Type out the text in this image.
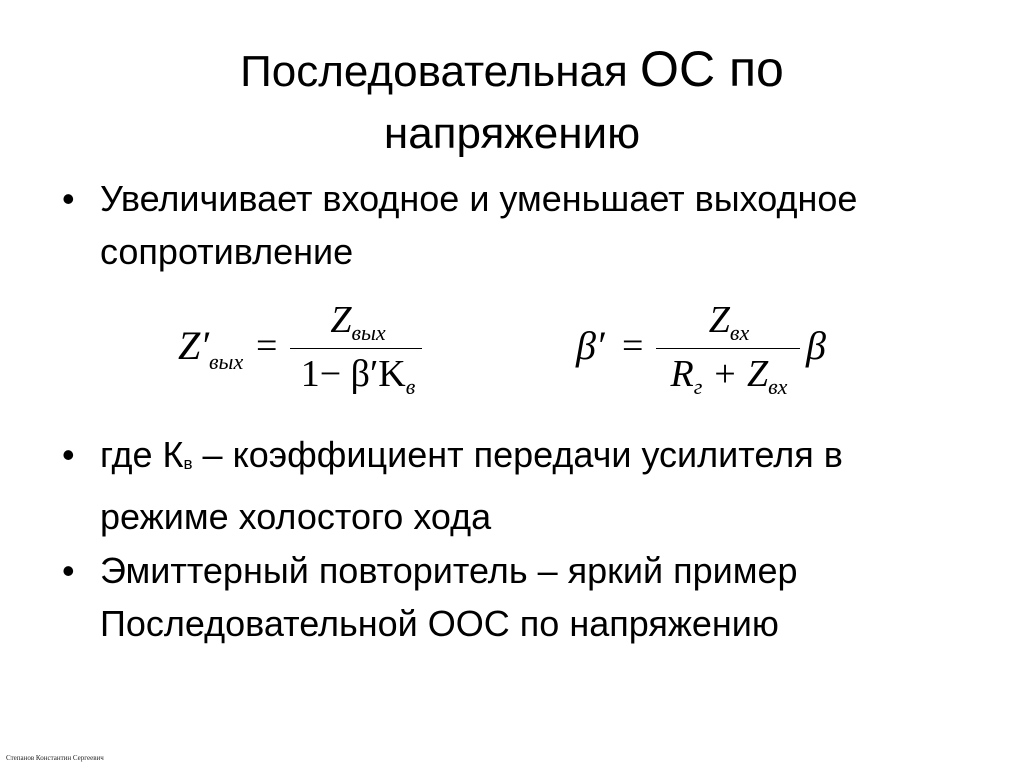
Последовательная ОС по
напряжению
• Увеличивает входное и уменьшает выходное сопротивление
$Z'_{вых}$ =
$Z_{вых}$
$1- \beta'K_в$
β′ =
$Z_{вх}$
$R_г + Z_{вх}$
β
• где Кв – коэффициент передачи усилителя в режиме холостого хода
• Эмиттерный повторитель – яркий пример Последовательной ООС по напряжению
Степанов Константин Сергеевич
